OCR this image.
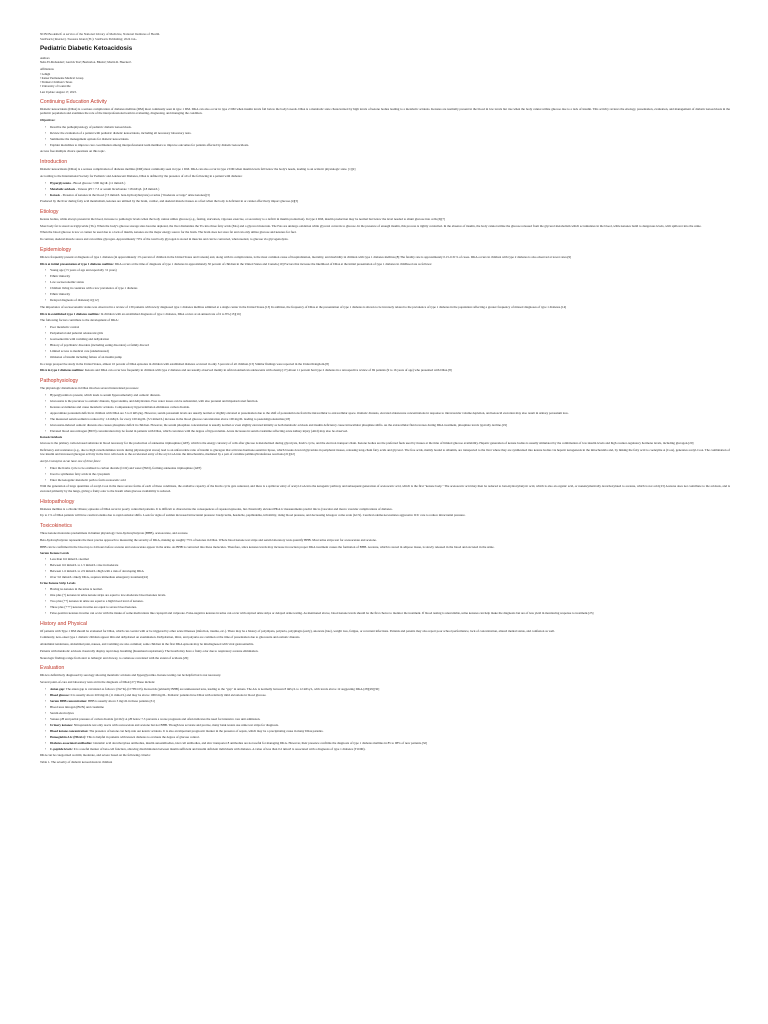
NCBI Bookshelf. A service of the National Library of Medicine, National Institutes of Health.
StatPearls [Internet]. Treasure Island (FL): StatPearls Publishing; 2024 Jan-.
Pediatric Diabetic Ketoacidosis
Authors
Neha El-Mohandes¹; Garrick Yee²; Bushrah A. Bhutta³; Martin R. Huecker⁴.
Affiliations
¹ Lehigh
² Kaiser Permanente Medical Group
³ Shriners Children's Texas
⁴ University of Louisville
Last Update: August 17, 2023.
Continuing Education Activity
Diabetic ketoacidosis (DKA) is a serious complication of diabetes mellitus (DM) most commonly seen in type 1 DM. DKA can also occur in type 2 DM when insulin levels fall below the body's needs. DKA is a metabolic state characterized by high levels of ketone bodies leading to a metabolic acidosis. Ketones are normally present in the blood in low levels but rise when the body cannot utilize glucose due to a lack of insulin. This activity reviews the etiology, presentation, evaluation, and management of diabetic ketoacidosis in the pediatric population and examines the role of the interprofessional team in evaluating, diagnosing, and managing the condition.
Objectives:
• Describe the pathophysiology of pediatric diabetic ketoacidosis.
• Review the evaluation of a patient with pediatric diabetic ketoacidosis, including all necessary laboratory tests.
• Summarize the management options for diabetic ketoacidosis.
• Explain modalities to improve care coordination among interprofessional team members to improve outcomes for patients affected by diabetic ketoacidosis.
Access free multiple choice questions on this topic.
Introduction
Diabetic ketoacidosis (DKA) is a serious complication of diabetes mellitus (DM) most commonly seen in type 1 DM. DKA can also occur in type 2 DM when insulin levels fall below the body's needs, leading to an acidotic physiologic state. [1][2]
According to the International Society for Pediatric and Adolescent Diabetes, DKA is defined by the presence of all of the following in a patient with diabetes:
• Hyperglycemia - Blood glucose >200 mg/dL (11 mmol/L)
• Metabolic acidosis - Venous pH < 7.3 or serum bicarbonate <18 mEq/L (18 mmol/L)
• Ketosis - Presence of ketones in the blood (>3 mmol/L beta-hydroxybutyrate) or urine ("moderate or large" urine ketones)[3]
Produced by the liver during fatty acid metabolism, ketones are utilized by the brain, cardiac, and skeletal muscle tissues as a fuel when the body is deficient in or cannot effectively import glucose.[4][5]
Etiology
Ketone bodies, while always present in the blood, increase to pathologic levels when the body cannot utilize glucose (e.g., fasting, starvation, vigorous exercise, or secondary to a deficit in insulin production). In type 2 DM, insulin production may be normal but below the level needed to shunt glucose into cells.[6][7]
Most body fat is stored as triglyceride (TG). When the body's glucose storage sites become depleted, the liver dismantles the TG into three fatty acids (FAs) and a glycerol molecule. The FAs are undergo oxidation while glycerol converts to glucose. In the presence of enough insulin, this process is tightly controlled. In the absence of insulin, the body cannot utilize the glucose released from the glycerol metabolism which accumulates in the blood, while ketones build to dangerous levels, with spillover into the urine.
When the blood glucose is low or cannot be used due to a lack of insulin, ketones are the major energy source for the brain. The brain does not store fat and can only utilize glucose and ketones for fuel.
In contrast, skeletal muscle stores and can utilize glycogen. Approximately 70% of the total body glycogen is stored in muscles and can be converted, when needed, to glucose via glycogenolysis.
Epidemiology
DKA is frequently present at diagnosis of type 1 diabetes (in approximately 1% percent of children in the United States and Canada) and, along with its complications, is the most common cause of hospitalization, mortality, and morbidity in children with type 1 diabetes mellitus.[8] The fatality rate is approximately 0.15-0.31% of cases. DKA occurs in children with type 2 diabetes is also observed at lower rates.[9]
DKA at initial presentation of type 1 diabetes mellitus: DKA occurs at the time of diagnosis of type 1 diabetes in approximately 30 percent of children in the United States and Canada.[10] Factors that increase the likelihood of DKA at the initial presentation of type 1 diabetes in childhood are as follows:
• Young age (<5 years of age and especially <2 years)
• Ethnic minority
• Low socioeconomic status
• Children living in countries with a low prevalence of type 1 diabetes
• Ethnic minority
• Delayed diagnosis of diabetes[11][12]
The importance of socioeconomic status was observed in a review of 139 patients with newly diagnosed type 1 diabetes mellitus admitted at a single center in the United States.[13] In addition, the frequency of DKA at the presentation of type 1 diabetes is shown to be inversely related to the prevalence of type 1 diabetes in the population reflecting a greater frequency of missed diagnoses of type 1 diabetes.[14]
DKA in established type 1 diabetes mellitus: In children with an established diagnosis of type 1 diabetes, DKA occurs at an annual rate of 6 to 8%.[15][16]
The following factors contribute to the development of DKA:
• Poor metabolic control
• Peripubertal and pubertal adolescent girls
• Gastroenteritis with vomiting and dehydration
• History of psychiatric disorders (including eating disorders) or family discord
• Limited access to medical care (underinsured)
• Omission of insulin including failure of an insulin pump
In a large prospective study in the United States, almost 10 percent of DKA episodes in children with established diabetes occurred in only 5 percent of all children.[15] Similar findings were reported in the United Kingdom.[8]
DKA in type 2 diabetes mellitus: Ketosis and DKA can occur less frequently in children with type 2 diabetes and are usually observed mainly in African American adolescents with obesity.[17] About 11 percent had type 2 diabetes in a retrospective review of 69 patients (9 to 16 years of age) who presented with DKA.[8]
Pathophysiology
The physiologic disturbances in DKA involves several interrelated processes:
• Hyperglycemia is present, which leads to serum hyperosmolarity and osmotic diuresis.
• Glucosuria is the precursor to osmotic diuresis, hypovolemia, and dehydration. Free water losses can be substantial, with also prerenal and impaired renal function.
• Ketones accumulate and cause metabolic acidosis. Compensatory hyperventilation eliminates carbon dioxide.
• Approximate potassium deficits in children with DKA are 3 to 6 mEq/kg. However, serum potassium levels are usually normal or slightly elevated at presentation due to the shift of potassium ions from the intracellular to extracellular space. Osmotic diuresis, elevated aldosterone concentrations in response to intravascular volume depletion, and ketoacid excretion may also result in urinary potassium loss.
• The measured serum sodium is reduced by 1.6 mEq/L for every 100 mg/dL (5.5 mmol/L) increase in the blood glucose concentration above 100 mg/dL leading to pseudohyponatremia.[18]
• Glucosuria-induced osmotic diuresis also causes phosphate deficit in children. However, the serum phosphate concentration is usually normal or even slightly elevated initially as both metabolic acidosis and insulin deficiency cause intracellular phosphate shifts. As the extracellular fluid reverses during DKA treatment, phosphate levels typically decline.[19]
• Elevated blood urea nitrogen (BUN) concentration may be found in patients with DKA, which correlates with the degree of hypovolemia. Acute increases in serum creatinine reflecting acute kidney injury (AKI) may also be observed.
Ketosis/Acidosis
Glucose is the primary carbon-based substrate in blood necessary for the production of adenosine triphosphate (ATP), which is the energy currency of cells after glucose is metabolized during glycolysis, Kreb's cycle, and the electron transport chain. Ketone bodies are the preferred fuels used by tissues at the time of limited glucose availability. Hepatic generation of ketone bodies is usually stimulated by the combination of low insulin levels and high counter-regulatory hormone levels, including glucagon.[20]
Deficiency and resistance (e.g., due to high catecholamines levels during physiological stress) lead to an unfavorable ratio of insulin to glucagon that activates hormone-sensitive lipase, which breaks down triglycerides in peripheral tissues, releasing long-chain fatty acids and glycerol. The free acids, mainly bound to albumin, are transported to the liver where they are synthesized into ketone bodies via hepatic ketogenesis in the mitochondria and, by linking the fatty acid to coenzyme A (CoA), generates acetyl-CoA. The combination of low insulin and increased glucagon activity in the liver cells leads to the accelerated entry of the acyl-CoA into the mitochondria, mediated by a pair of carnitine palmitoyltransferase reactions.[21][22]
Acetyl-Coenzyme A can have one of three fates:
• Enter the Krebs cycle to be oxidized to carbon dioxide (CO2) and water (H2O), forming adenosine triphosphate (ATP)
• Used to synthesize fatty acids in the cytoplasm
• Enter the ketogenic metabolic path to form acetoacetic acid
With the generation of large quantities of acetyl-CoA in the more severe forms of each of these conditions, the oxidative capacity of the Krebs cycle gets saturated, and there is a spillover entry of acetyl-CoA into the ketogenic pathway and subsequent generation of acetoacetic acid, which is the first "ketone body." The acetoacetic acid may then be reduced to beta-hydroxybutyric acid, which is also an organic acid, or nonenzymatically decarboxylated to acetone, which is not acid.[23] Acetone does not contribute to the acidosis, and is excreted primarily by the lungs, giving a fruity odor to the breath when glucose availability is reduced.
Histopathology
Diabetes mellitus is a chronic illness; episodes of DKA recur in poorly controlled patients. It is difficult to characterize the consequences of repeated episodes, but chronically elevated HbA1c measurements predict micro (vascular and macro vascular complications of diabetes.
Up to 1% of DKA patients will have cerebral edema due to rapid osmolar shifts. Look for signs of sudden increased intracranial pressure: bradycardia, headache, papilledema, irritability, rising blood pressure, and decreasing Glasgow coma scale (GCS). Cerebral edema necessitates aggressive ICU care to reduce intracranial pressure.
Toxicokinetics
Three ketone molecules predominate in human physiology: beta-hydroxybutyrate (BHB), acetoacetate, and acetone.
Beta-hydroxybutyrate represents the most precise approach to measuring the severity of DKA, making up roughly 75% of ketones in DKA. Whole blood ketone test strips and serum laboratory tests quantify BHB. Most urine strips test for acetoacetate and acetone.
BHB can be confirmed in the blood up to 24 hours before acetone and acetoacetate appear in the urine. As BHB is converted into these molecules. Therefore, since ketones levels may increase in reaction proper DKA treatment causes the formation of BHB. Acetone, which is stored in adipose tissue, is slowly released in the blood and excreted in the urine.
Serum Ketone Levels
• Less than 0.6 mmol/L=normal
• Between 0.6 mmol/L to 1.5 mmol/L=rise in moderate
• Between 1.6 mmol/L to 2.9 mmol/L=high with a risk of developing DKA
• Over 3.0 mmol/L=likely DKA, requires immediate emergency treatment[24]
Urine Ketone Strip Levels
• Having no ketones in the urine is normal.
• One plus (+) ketones in urine ketone strips are equal to low-moderate blood ketones levels.
• Two plus (++) ketones in urine are equal to a high blood level of ketones.
• Three plus (+++) ketones in urine are equal to severe blood ketones.
• False-positive ketones in urine can occur with the intake of some medications like captopril and valproate. False-negative ketones in urine can occur with expired urine strips or delayed urine testing. As mentioned above, blood ketone levels should be the first choice to monitor the treatment. If blood testing is unavailable, urine ketones can help make the diagnosis but are of less yield in monitoring response to treatment.[25]
History and Physical
Of patients with Type 1 DM should be evaluated for DKA, which can coexist with or be triggered by other acute illnesses (infection, trauma, etc.). There may be a history of polydipsia, polyuria, polyphagia (early), anorexia (late), weight loss, fatigue, or recurrent infections. Patients and parents may also report poor school performance, lack of concentration, altered mental status, and confusion as well.
Commonly, new-onset type 1 diabetic children appear thin and dehydrated on examination. Dehydration, thirst, and polyuria are common at the time of presentation due to glucosuria and osmotic diuresis.
Abdominal tenderness, abdominal pain, nausea, and vomiting are also common; some children in the first DKA episode may be misdiagnosed with viral gastroenteritis.
Patients with metabolic acidosis classically display rapid deep breathing (Kussmaul respirations). The breath may have a fruity odor due to respiratory acetone elimination.
Neurologic findings range from alert to lethargic and drowsy, to comatose correlated with the extent of acidosis.[26]
Evaluation
DKA is definitively diagnosed by serology showing metabolic acidosis and hyperglycemia. Ketone testing can be helpful but is not necessary.
Several point-of-care and laboratory tests aid in the diagnosis of DKA:[27] These include:
• Anion gap: The anion gap is calculated as follows: (Na+K)-(Cl+HCO3). Ketoacids (primarily BHB) are unmeasured ions, leading to the "gap" in anions. The AG is normally between 8 mEq/L to 12 mEq/L, with levels above 12 suggesting DKA.[28][29][30]
• Blood glucose: It is usually above 200 mg/dL (11 mmol/L) and may be above 1000 mg/dL. Pediatric patients have DKA with relatively mild elevations in blood glucose.
• Serum BHB concentration: BHB is usually above 3 mg/dL in these patients.[31]
• Blood urea nitrogen (BUN) and creatinine
• Serum electrolytes
• Venous pH and partial pressure of carbon dioxide (pCO2): A pH below 7.3 prevents a worse prognosis and often indicates the need for intensive care unit admission.
• Urinary ketones: Nitroprusside test only reacts with acetoacetate and acetone but not BHB. Though less accurate and precise, many bank testers use urine test strips for diagnosis.
• Blood ketone concentration: The presence of ketone can help rule out ketotic acidosis. It is also an important prognostic marker in the presence of sepsis, which may be a precipitating cause in many DKA patients.
• Hemoglobin A1c (HbA1c): This is helpful in patients with known diabetes to evaluate the degree of glucose control.
• Diabetes-associated antibodies: Glutamic acid decarboxylase antibodies, insulin autoantibodies, islet cell antibodies, and zinc transporter 8 antibodies are not useful for managing DKA. However, their presence confirms the diagnosis of type 1 diabetes mellitus in 85 to 98% of new patients.[32]
• C-peptide levels: It is a useful marker of beta-cell function, allowing discrimination between insulin sufficient and insulin deficient individuals with diabetes. A value of less than 0.2 nmol/l is associated with a diagnosis of type 1 diabetes (T1DM).
DKA can be categorized as mild, moderate, and severe based on the following criteria:
Table 1. The severity of diabetic ketoacidosis in children
